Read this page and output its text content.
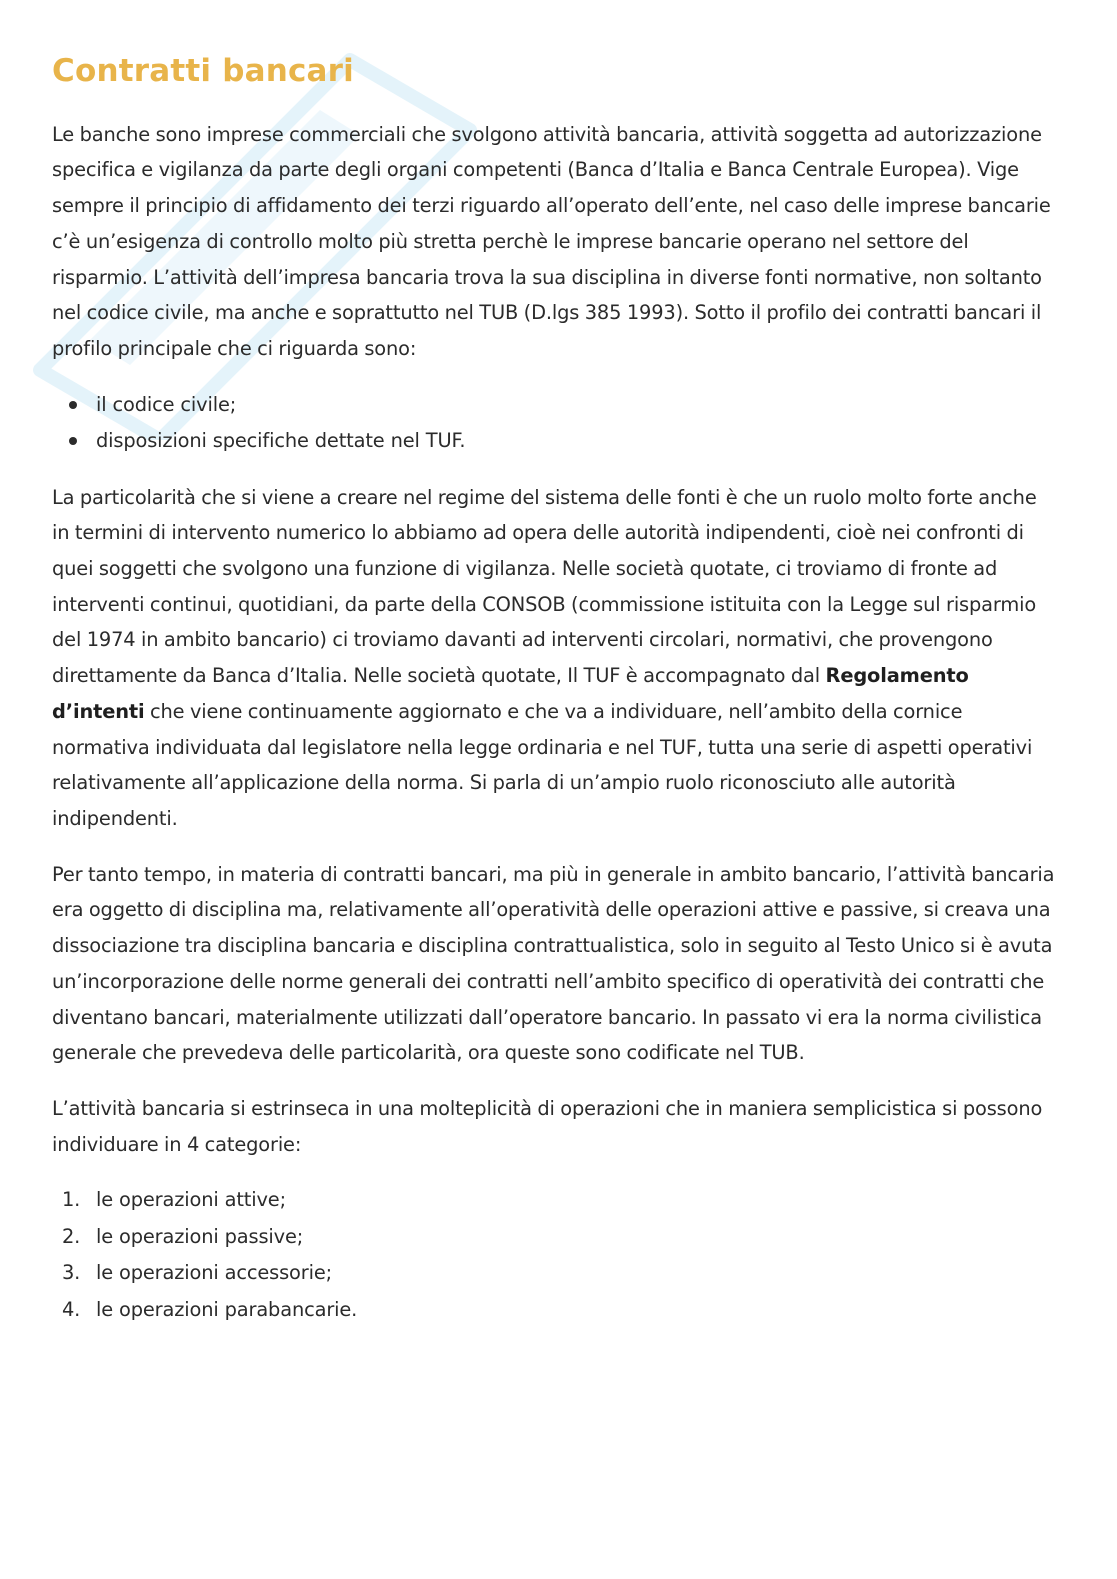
Contratti bancari

Le banche sono imprese commerciali che svolgono attività bancaria, attività soggetta ad autorizzazione specifica e vigilanza da parte degli organi competenti (Banca d’Italia e Banca Centrale Europea). Vige sempre il principio di affidamento dei terzi riguardo all’operato dell’ente, nel caso delle imprese bancarie c’è un’esigenza di controllo molto più stretta perchè le imprese bancarie operano nel settore del risparmio. L’attività dell’impresa bancaria trova la sua disciplina in diverse fonti normative, non soltanto nel codice civile, ma anche e soprattutto nel TUB (D.lgs 385 1993). Sotto il profilo dei contratti bancari il profilo principale che ci riguarda sono:

il codice civile;
disposizioni specifiche dettate nel TUF.

La particolarità che si viene a creare nel regime del sistema delle fonti è che un ruolo molto forte anche in termini di intervento numerico lo abbiamo ad opera delle autorità indipendenti, cioè nei confronti di quei soggetti che svolgono una funzione di vigilanza. Nelle società quotate, ci troviamo di fronte ad interventi continui, quotidiani, da parte della CONSOB (commissione istituita con la Legge sul risparmio del 1974 in ambito bancario) ci troviamo davanti ad interventi circolari, normativi, che provengono direttamente da Banca d’Italia. Nelle società quotate, Il TUF è accompagnato dal Regolamento d’intenti che viene continuamente aggiornato e che va a individuare, nell’ambito della cornice normativa individuata dal legislatore nella legge ordinaria e nel TUF, tutta una serie di aspetti operativi relativamente all’applicazione della norma. Si parla di un’ampio ruolo riconosciuto alle autorità indipendenti.

Per tanto tempo, in materia di contratti bancari, ma più in generale in ambito bancario, l’attività bancaria era oggetto di disciplina ma, relativamente all’operatività delle operazioni attive e passive, si creava una dissociazione tra disciplina bancaria e disciplina contrattualistica, solo in seguito al Testo Unico si è avuta un’incorporazione delle norme generali dei contratti nell’ambito specifico di operatività dei contratti che diventano bancari, materialmente utilizzati dall’operatore bancario. In passato vi era la norma civilistica generale che prevedeva delle particolarità, ora queste sono codificate nel TUB.

L’attività bancaria si estrinseca in una molteplicità di operazioni che in maniera semplicistica si possono individuare in 4 categorie:

1. le operazioni attive;
2. le operazioni passive;
3. le operazioni accessorie;
4. le operazioni parabancarie.
